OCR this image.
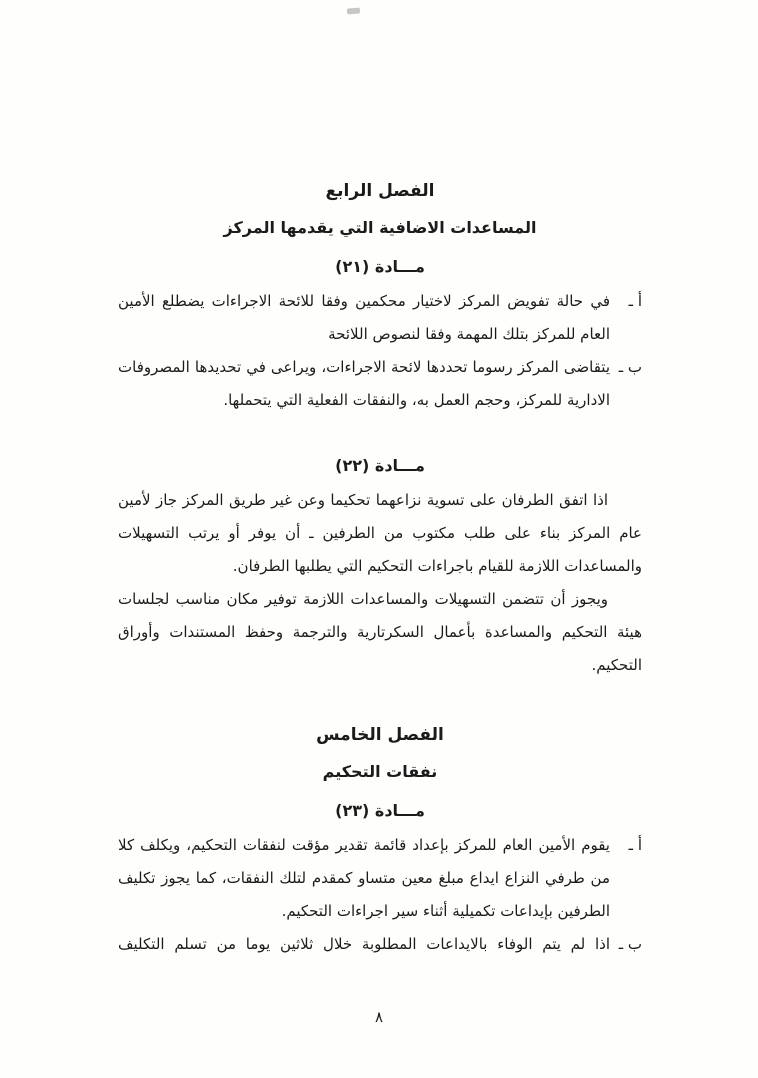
الفصل الرابع
المساعدات الاضافية التي يقدمها المركز
مـــادة (٢١)
أ ـ
في حالة تفويض المركز لاختيار محكمين وفقا للائحة الاجراءات يضطلع الأمين العام للمركز بتلك المهمة وفقا لنصوص اللائحة
ب ـ
يتقاضى المركز رسوما تحددها لائحة الاجراءات، ويراعى في تحديدها المصروفات الادارية للمركز، وحجم العمل به، والنفقات الفعلية التي يتحملها.
مـــادة (٢٢)

اذا اتفق الطرفان على تسوية نزاعهما تحكيما وعن غير طريق المركز جاز لأمين عام المركز بناء على طلب مكتوب من الطرفين ـ أن يوفر أو يرتب التسهيلات والمساعدات اللازمة للقيام باجراءات التحكيم التي يطلبها الطرفان.

ويجوز أن تتضمن التسهيلات والمساعدات اللازمة توفير مكان مناسب لجلسات هيئة التحكيم والمساعدة بأعمال السكرتارية والترجمة وحفظ المستندات وأوراق التحكيم.

الفصل الخامس
نفقات التحكيم
مـــادة (٢٣)
أ ـ
يقوم الأمين العام للمركز بإعداد قائمة تقدير مؤقت لنفقات التحكيم، ويكلف كلا من طرفي النزاع ايداع مبلغ معين متساو كمقدم لتلك النفقات، كما يجوز تكليف الطرفين بإيداعات تكميلية أثناء سير اجراءات التحكيم.
ب ـ
اذا لم يتم الوفاء بالايداعات المطلوبة خلال ثلاثين يوما من تسلم التكليف
٨
